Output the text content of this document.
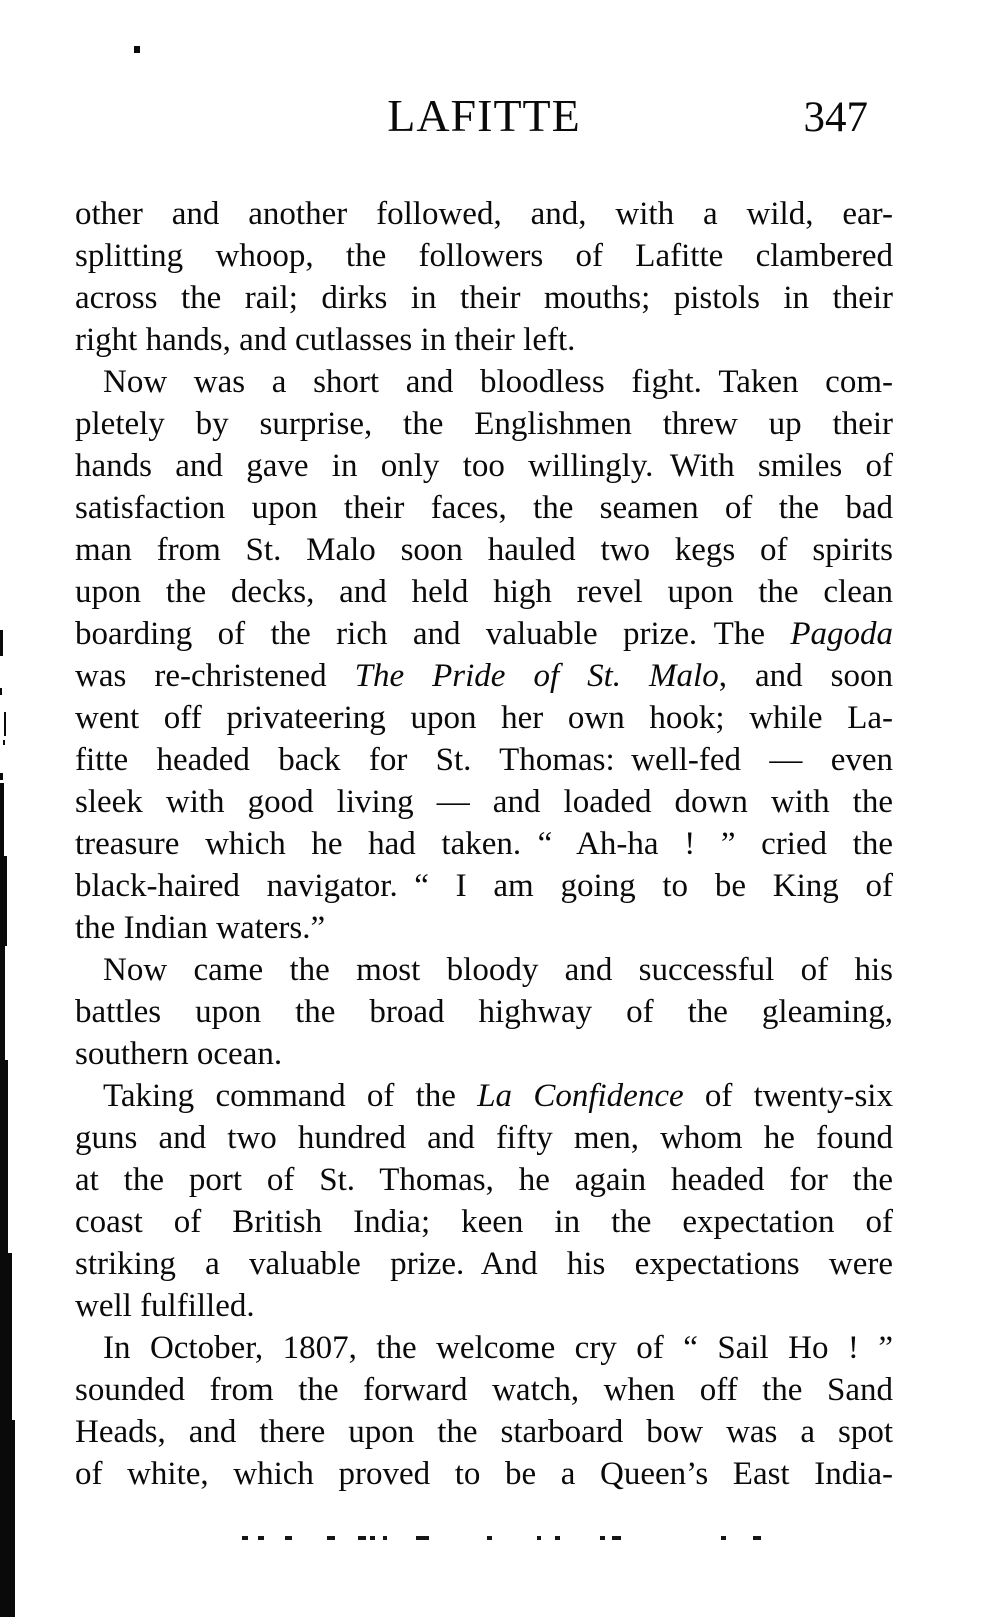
LAFITTE	347
other and another followed, and, with a wild, ear-
splitting whoop, the followers of Lafitte clambered
across the rail; dirks in their mouths; pistols in their
right hands, and cutlasses in their left.
Now was a short and bloodless fight. Taken com-
pletely by surprise, the Englishmen threw up their
hands and gave in only too willingly. With smiles of
satisfaction upon their faces, the seamen of the bad
man from St. Malo soon hauled two kegs of spirits
upon the decks, and held high revel upon the clean
boarding of the rich and valuable prize. The Pagoda
was re-christened The Pride of St. Malo, and soon
went off privateering upon her own hook; while La-
fitte headed back for St. Thomas: well-fed — even
sleek with good living — and loaded down with the
treasure which he had taken. “ Ah-ha ! ” cried the
black-haired navigator. “ I am going to be King of
the Indian waters.”
Now came the most bloody and successful of his
battles upon the broad highway of the gleaming,
southern ocean.
Taking command of the La Confidence of twenty-six
guns and two hundred and fifty men, whom he found
at the port of St. Thomas, he again headed for the
coast of British India; keen in the expectation of
striking a valuable prize. And his expectations were
well fulfilled.
In October, 1807, the welcome cry of “ Sail Ho ! ”
sounded from the forward watch, when off the Sand
Heads, and there upon the starboard bow was a spot
of white, which proved to be a Queen’s East India-
